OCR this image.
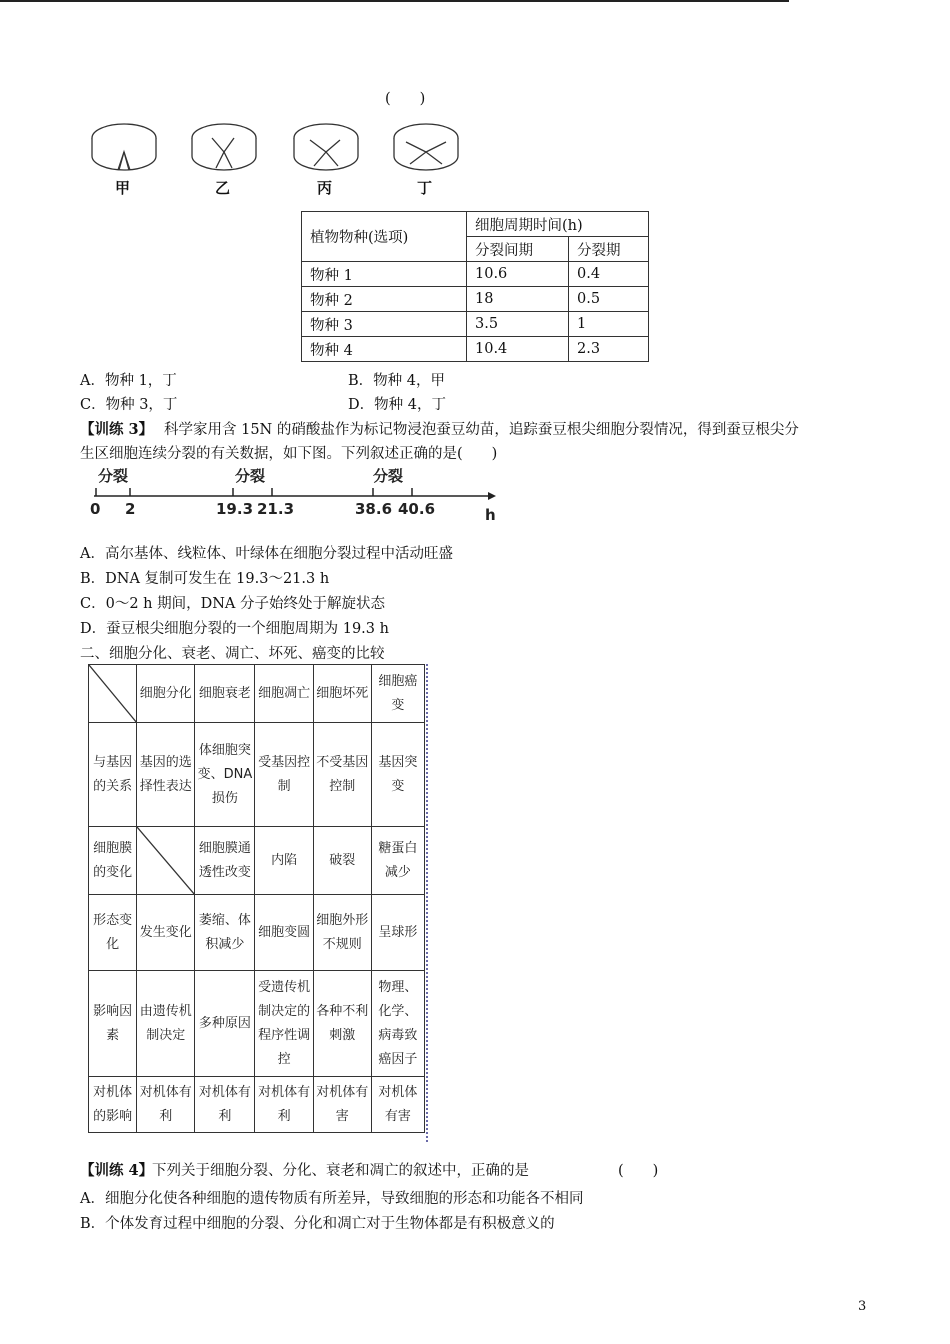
(　　)
甲	乙	丙	丁
植物物种(选项)	细胞周期时间(h)	
	分裂间期	分裂期
物种 1	10.6	0.4
物种 2	18	0.5
物种 3	3.5	1
物种 4	10.4	2.3
A．物种 1，丁	B．物种 4，甲
C．物种 3，丁	D．物种 4，丁
【训练 3】 科学家用含 15N 的硝酸盐作为标记物浸泡蚕豆幼苗，追踪蚕豆根尖细胞分裂情况，得到蚕豆根尖分
生区细胞连续分裂的有关数据，如下图。下列叙述正确的是(　　)
分裂	分裂	分裂
0 2	19.3 21.3	38.6 40.6	h
A．高尔基体、线粒体、叶绿体在细胞分裂过程中活动旺盛
B．DNA 复制可发生在 19.3～21.3 h
C．0～2 h 期间，DNA 分子始终处于解旋状态
D．蚕豆根尖细胞分裂的一个细胞周期为 19.3 h
二、细胞分化、衰老、凋亡、坏死、癌变的比较
	细胞分化	细胞衰老	细胞凋亡	细胞坏死	细胞癌变
与基因的关系	基因的选择性表达	体细胞突变、DNA损伤	受基因控制	不受基因控制	基因突变
细胞膜的变化		细胞膜通透性改变	内陷	破裂	糖蛋白减少
形态变化	发生变化	萎缩、体积减少	细胞变圆	细胞外形不规则	呈球形
影响因素	由遗传机制决定	多种原因	受遗传机制决定的程序性调控	各种不利刺激	物理、化学、病毒致癌因子
对机体的影响	对机体有利	对机体有利	对机体有利	对机体有害	对机体有害
【训练 4】
下列关于细胞分裂、分化、衰老和凋亡的叙述中，正确的是	(　　)
A．细胞分化使各种细胞的遗传物质有所差异，导致细胞的形态和功能各不相同
B．个体发育过程中细胞的分裂、分化和凋亡对于生物体都是有积极意义的
3
